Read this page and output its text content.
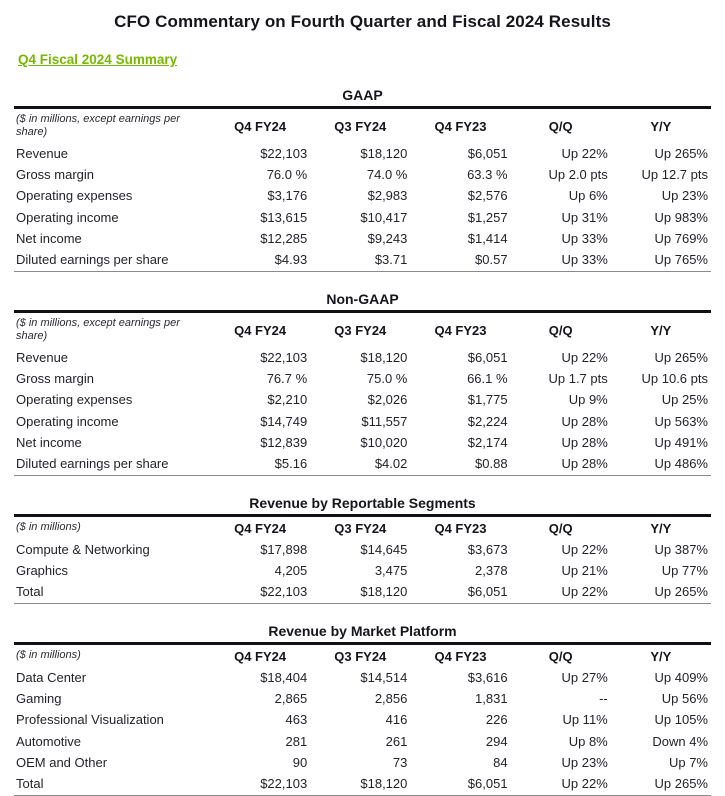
CFO Commentary on Fourth Quarter and Fiscal 2024 Results
Q4 Fiscal 2024 Summary
GAAP
($ in millions, except earnings per share)	Q4 FY24	Q3 FY24	Q4 FY23	Q/Q	Y/Y
Revenue	$22,103	$18,120	$6,051	Up 22%	Up 265%
Gross margin	76.0 %	74.0 %	63.3 %	Up 2.0 pts	Up 12.7 pts
Operating expenses	$3,176	$2,983	$2,576	Up 6%	Up 23%
Operating income	$13,615	$10,417	$1,257	Up 31%	Up 983%
Net income	$12,285	$9,243	$1,414	Up 33%	Up 769%
Diluted earnings per share	$4.93	$3.71	$0.57	Up 33%	Up 765%
Non-GAAP
($ in millions, except earnings per share)	Q4 FY24	Q3 FY24	Q4 FY23	Q/Q	Y/Y
Revenue	$22,103	$18,120	$6,051	Up 22%	Up 265%
Gross margin	76.7 %	75.0 %	66.1 %	Up 1.7 pts	Up 10.6 pts
Operating expenses	$2,210	$2,026	$1,775	Up 9%	Up 25%
Operating income	$14,749	$11,557	$2,224	Up 28%	Up 563%
Net income	$12,839	$10,020	$2,174	Up 28%	Up 491%
Diluted earnings per share	$5.16	$4.02	$0.88	Up 28%	Up 486%
Revenue by Reportable Segments
($ in millions)	Q4 FY24	Q3 FY24	Q4 FY23	Q/Q	Y/Y
Compute & Networking	$17,898	$14,645	$3,673	Up 22%	Up 387%
Graphics	4,205	3,475	2,378	Up 21%	Up 77%
Total	$22,103	$18,120	$6,051	Up 22%	Up 265%
Revenue by Market Platform
($ in millions)	Q4 FY24	Q3 FY24	Q4 FY23	Q/Q	Y/Y
Data Center	$18,404	$14,514	$3,616	Up 27%	Up 409%
Gaming	2,865	2,856	1,831	--	Up 56%
Professional Visualization	463	416	226	Up 11%	Up 105%
Automotive	281	261	294	Up 8%	Down 4%
OEM and Other	90	73	84	Up 23%	Up 7%
Total	$22,103	$18,120	$6,051	Up 22%	Up 265%
